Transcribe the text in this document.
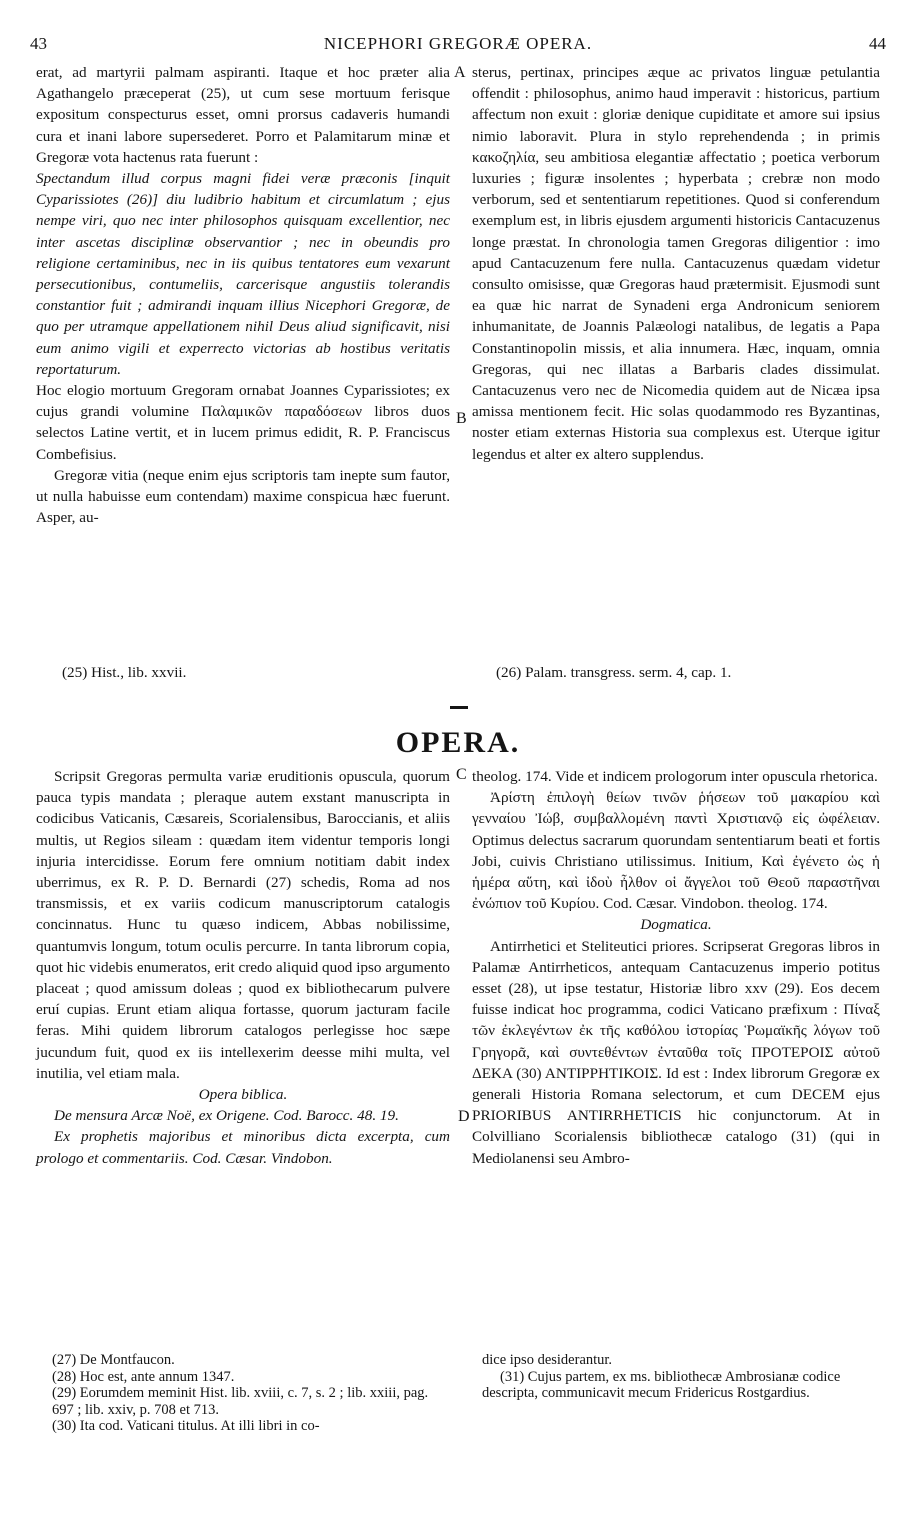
43	NICEPHORI GREGORÆ OPERA.	44
A
B
C
D

erat, ad martyrii palmam aspiranti. Itaque et hoc præter alia Agathangelo præceperat (25), ut cum sese mortuum ferisque expositum conspecturus esset, omni prorsus cadaveris humandi cura et inani labore supersederet. Porro et Palamitarum minæ et Gregoræ vota hactenus rata fuerunt :

Spectandum illud corpus magni fidei veræ præconis [inquit Cyparissiotes (26)] diu ludibrio habitum et circumlatum ; ejus nempe viri, quo nec inter philosophos quisquam excellentior, nec inter ascetas disciplinæ observantior ; nec in obeundis pro religione certaminibus, nec in iis quibus tentatores eum vexarunt persecutionibus, contumeliis, carcerisque angustiis tolerandis constantior fuit ; admirandi inquam illius Nicephori Gregoræ, de quo per utramque appellationem nihil Deus aliud significavit, nisi eum animo vigili et experrecto victorias ab hostibus veritatis reportaturum.

Hoc elogio mortuum Gregoram ornabat Joannes Cyparissiotes; ex cujus grandi volumine Παλαμικῶν παραδόσεων libros duos selectos Latine vertit, et in lucem primus edidit, R. P. Franciscus Combefisius.

Gregoræ vitia (neque enim ejus scriptoris tam inepte sum fautor, ut nulla habuisse eum contendam) maxime conspicua hæc fuerunt. Asper, au-

sterus, pertinax, principes æque ac privatos linguæ petulantia offendit : philosophus, animo haud imperavit : historicus, partium affectum non exuit : gloriæ denique cupiditate et amore sui ipsius nimio laboravit. Plura in stylo reprehendenda ; in primis κακοζηλία, seu ambitiosa elegantiæ affectatio ; poetica verborum luxuries ; figuræ insolentes ; hyperbata ; crebræ non modo verborum, sed et sententiarum repetitiones. Quod si conferendum exemplum est, in libris ejusdem argumenti historicis Cantacuzenus longe præstat. In chronologia tamen Gregoras diligentior : imo apud Cantacuzenum fere nulla. Cantacuzenus quædam videtur consulto omisisse, quæ Gregoras haud prætermisit. Ejusmodi sunt ea quæ hic narrat de Synadeni erga Andronicum seniorem inhumanitate, de Joannis Palæologi natalibus, de legatis a Papa Constantinopolin missis, et alia innumera. Hæc, inquam, omnia Gregoras, qui nec illatas a Barbaris clades dissimulat. Cantacuzenus vero nec de Nicomedia quidem aut de Nicæa ipsa amissa mentionem fecit. Hic solas quodammodo res Byzantinas, noster etiam externas Historia sua complexus est. Uterque igitur legendus et alter ex altero supplendus.

(25) Hist., lib. xxvii.	(26) Palam. transgress. serm. 4, cap. 1.
OPERA.

Scripsit Gregoras permulta variæ eruditionis opuscula, quorum pauca typis mandata ; pleraque autem exstant manuscripta in codicibus Vaticanis, Cæsareis, Scorialensibus, Baroccianis, et aliis multis, ut Regios sileam : quædam item videntur temporis longi injuria intercidisse. Eorum fere omnium notitiam dabit index uberrimus, ex R. P. D. Bernardi (27) schedis, Roma ad nos transmissis, et ex variis codicum manuscriptorum catalogis concinnatus. Hunc tu quæso indicem, Abbas nobilissime, quantumvis longum, totum oculis percurre. In tanta librorum copia, quot hic videbis enumeratos, erit credo aliquid quod ipso argumento placeat ; quod amissum doleas ; quod ex bibliothecarum pulvere eruí cupias. Erunt etiam aliqua fortasse, quorum jacturam facile feras. Mihi quidem librorum catalogos perlegisse hoc sæpe jucundum fuit, quod ex iis intellexerim deesse mihi multa, vel inutilia, vel etiam mala.

Opera biblica.

De mensura Arcæ Noë, ex Origene. Cod. Barocc. 48. 19.

Ex prophetis majoribus et minoribus dicta excerpta, cum prologo et commentariis. Cod. Cæsar. Vindobon.

theolog. 174. Vide et indicem prologorum inter opuscula rhetorica.

Ἀρίστη ἐπιλογὴ θείων τινῶν ῥήσεων τοῦ μακαρίου καὶ γενναίου Ἰώβ, συμβαλλομένη παντὶ Χριστιανῷ εἰς ὠφέλειαν. Optimus delectus sacrarum quorundam sententiarum beati et fortis Jobi, cuivis Christiano utilissimus. Initium, Καὶ ἐγένετο ὡς ἡ ἡμέρα αὕτη, καὶ ἰδοὺ ἦλθον οἱ ἄγγελοι τοῦ Θεοῦ παραστῆναι ἐνώπιον τοῦ Κυρίου. Cod. Cæsar. Vindobon. theolog. 174.

Dogmatica.

Antirrhetici et Steliteutici priores. Scripserat Gregoras libros in Palamæ Antirrheticos, antequam Cantacuzenus imperio potitus esset (28), ut ipse testatur, Historiæ libro xxv (29). Eos decem fuisse indicat hoc programma, codici Vaticano præfixum : Πίναξ τῶν ἐκλεγέντων ἐκ τῆς καθόλου ἱστορίας Ῥωμαϊκῆς λόγων τοῦ Γρηγορᾶ, καὶ συντεθέντων ἐνταῦθα τοῖς ΠΡΟΤΕΡΟΙΣ αὐτοῦ ΔΕΚΑ (30) ΑΝΤΙΡΡΗΤΙΚΟΙΣ. Id est : Index librorum Gregoræ ex generali Historia Romana selectorum, et cum DECEM ejus PRIORIBUS ANTIRRHETICIS hic conjunctorum. At in Colvilliano Scorialensis bibliothecæ catalogo (31) (qui in Mediolanensi seu Ambro-

(27) De Montfaucon.

(28) Hoc est, ante annum 1347.

(29) Eorumdem meminit Hist. lib. xviii, c. 7, s. 2 ; lib. xxiii, pag. 697 ; lib. xxiv, p. 708 et 713.

(30) Ita cod. Vaticani titulus. At illi libri in co-

dice ipso desiderantur.

(31) Cujus partem, ex ms. bibliothecæ Ambrosianæ codice descripta, communicavit mecum Fridericus Rostgardius.
